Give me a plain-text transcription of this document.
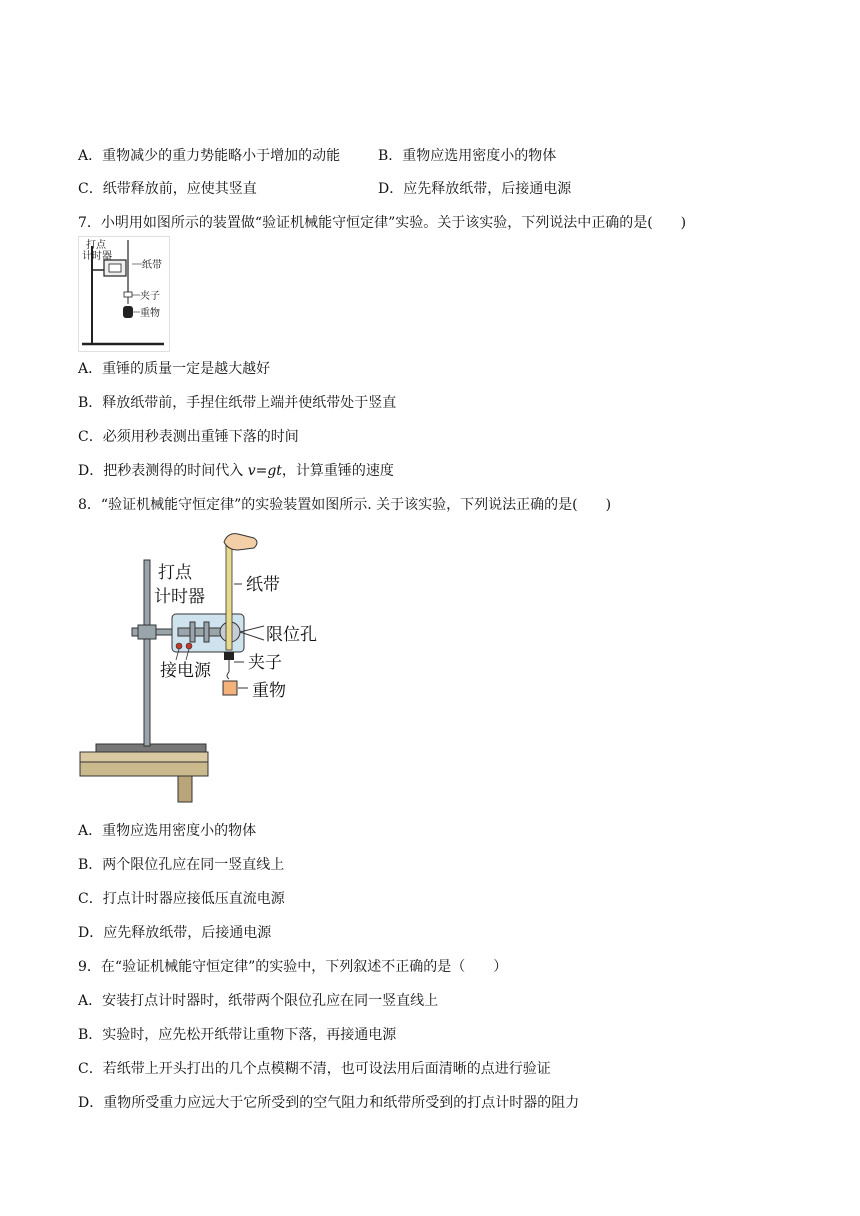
A．重物减少的重力势能略小于增加的动能	B．重物应选用密度小的物体
C．纸带释放前，应使其竖直	D．应先释放纸带，后接通电源
7．小明用如图所示的装置做“验证机械能守恒定律”实验。关于该实验，下列说法中正确的是(　　)
打点
计时器
纸带
夹子
重物
A．重锤的质量一定是越大越好
B．释放纸带前，手捏住纸带上端并使纸带处于竖直
C．必须用秒表测出重锤下落的时间
D．把秒表测得的时间代入 v=gt，计算重锤的速度
8．“验证机械能守恒定律”的实验装置如图所示. 关于该实验，下列说法正确的是(　　)
打点
计时器
纸带
限位孔
接电源 夹子
重物
A．重物应选用密度小的物体
B．两个限位孔应在同一竖直线上
C．打点计时器应接低压直流电源
D．应先释放纸带，后接通电源
9．在“验证机械能守恒定律”的实验中，下列叙述不正确的是（　　）
A．安装打点计时器时，纸带两个限位孔应在同一竖直线上
B．实验时，应先松开纸带让重物下落，再接通电源
C．若纸带上开头打出的几个点模糊不清，也可设法用后面清晰的点进行验证
D．重物所受重力应远大于它所受到的空气阻力和纸带所受到的打点计时器的阻力
